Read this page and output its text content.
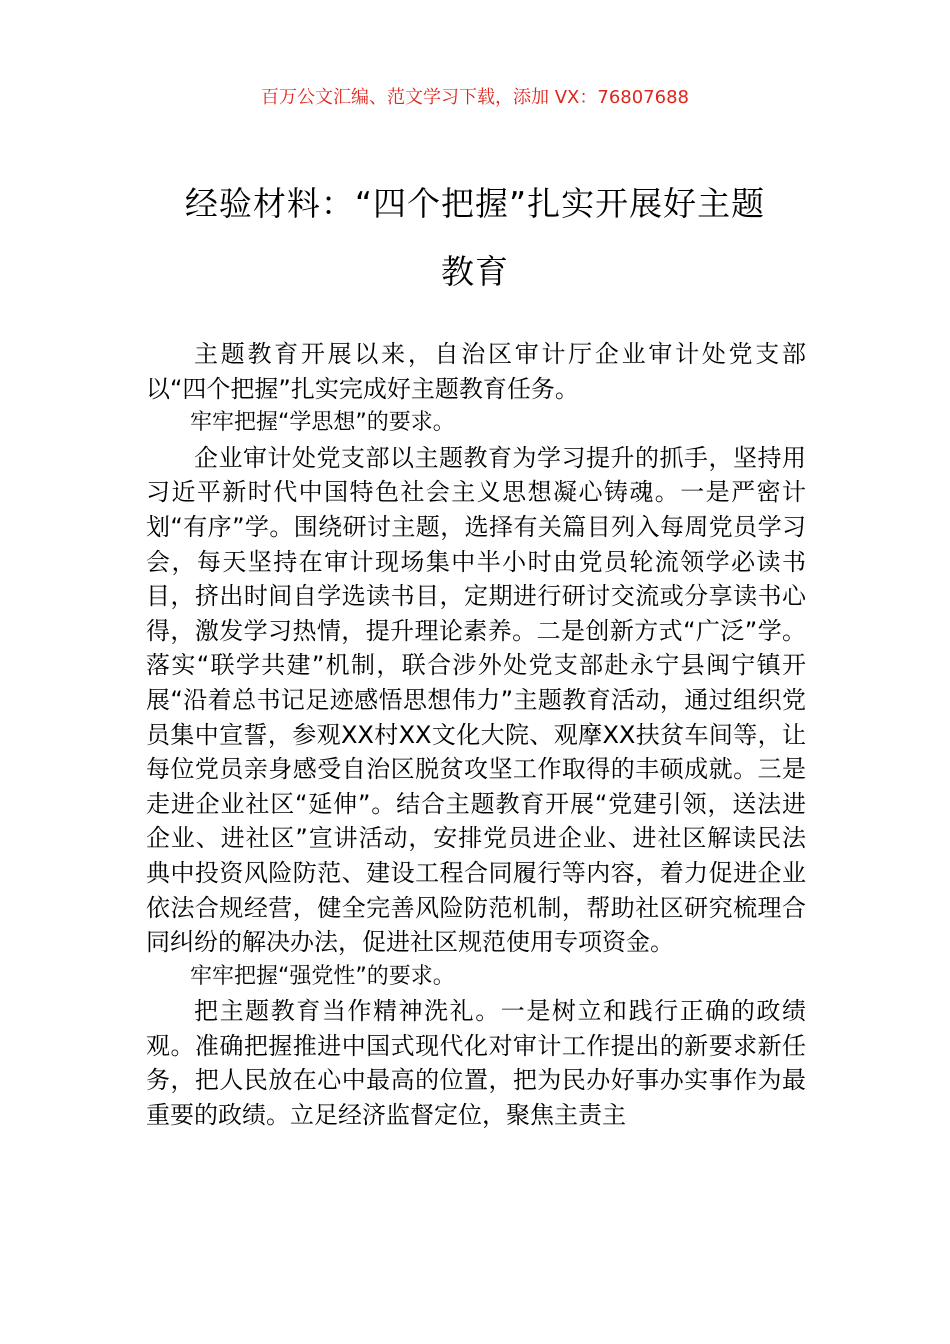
百万公文汇编、范文学习下载，添加 VX：76807688
经验材料：“四个把握”扎实开展好主题
教育

主题教育开展以来，自治区审计厅企业审计处党支部以“四个把握”扎实完成好主题教育任务。

牢牢把握“学思想”的要求。

企业审计处党支部以主题教育为学习提升的抓手，坚持用习近平新时代中国特色社会主义思想凝心铸魂。一是严密计划“有序”学。围绕研讨主题，选择有关篇目列入每周党员学习会，每天坚持在审计现场集中半小时由党员轮流领学必读书目，挤出时间自学选读书目，定期进行研讨交流或分享读书心得，激发学习热情，提升理论素养。二是创新方式“广泛”学。落实“联学共建”机制，联合涉外处党支部赴永宁县闽宁镇开展“沿着总书记足迹感悟思想伟力”主题教育活动，通过组织党员集中宣誓，参观XX村XX文化大院、观摩XX扶贫车间等，让每位党员亲身感受自治区脱贫攻坚工作取得的丰硕成就。三是走进企业社区“延伸”。结合主题教育开展“党建引领，送法进企业、进社区”宣讲活动，安排党员进企业、进社区解读民法典中投资风险防范、建设工程合同履行等内容，着力促进企业依法合规经营，健全完善风险防范机制，帮助社区研究梳理合同纠纷的解决办法，促进社区规范使用专项资金。

牢牢把握“强党性”的要求。

把主题教育当作精神洗礼。一是树立和践行正确的政绩观。准确把握推进中国式现代化对审计工作提出的新要求新任务，把人民放在心中最高的位置，把为民办好事办实事作为最重要的政绩。立足经济监督定位，聚焦主责主
